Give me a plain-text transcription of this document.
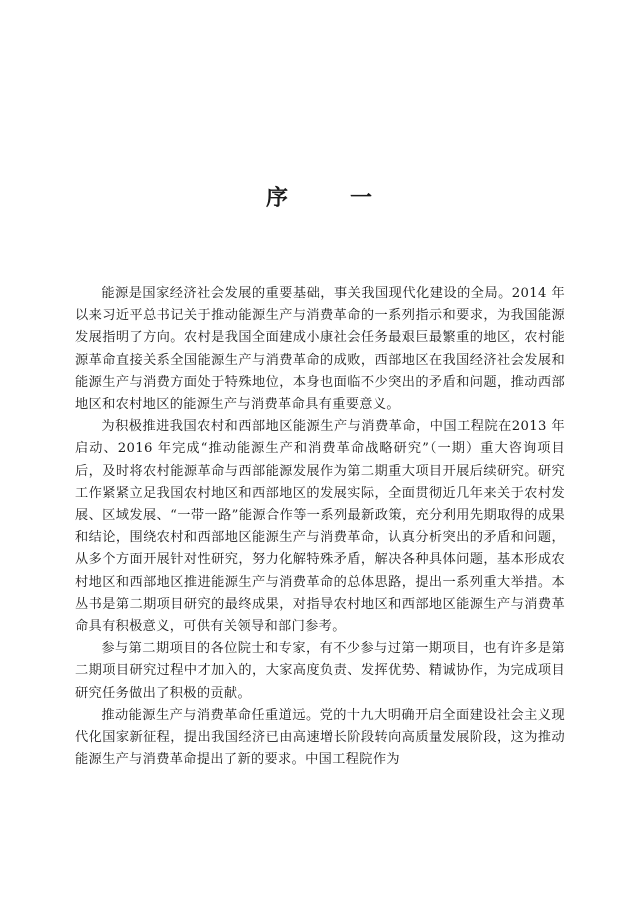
序	一

能源是国家经济社会发展的重要基础，事关我国现代化建设的全局。2014 年以来习近平总书记关于推动能源生产与消费革命的一系列指示和要求，为我国能源发展指明了方向。农村是我国全面建成小康社会任务最艰巨最繁重的地区，农村能源革命直接关系全国能源生产与消费革命的成败，西部地区在我国经济社会发展和能源生产与消费方面处于特殊地位，本身也面临不少突出的矛盾和问题，推动西部地区和农村地区的能源生产与消费革命具有重要意义。

为积极推进我国农村和西部地区能源生产与消费革命，中国工程院在2013 年启动、2016 年完成“推动能源生产和消费革命战略研究”（一期）重大咨询项目后，及时将农村能源革命与西部能源发展作为第二期重大项目开展后续研究。研究工作紧紧立足我国农村地区和西部地区的发展实际，全面贯彻近几年来关于农村发展、区域发展、“一带一路”能源合作等一系列最新政策，充分利用先期取得的成果和结论，围绕农村和西部地区能源生产与消费革命，认真分析突出的矛盾和问题，从多个方面开展针对性研究，努力化解特殊矛盾，解决各种具体问题，基本形成农村地区和西部地区推进能源生产与消费革命的总体思路，提出一系列重大举措。本丛书是第二期项目研究的最终成果，对指导农村地区和西部地区能源生产与消费革命具有积极意义，可供有关领导和部门参考。

参与第二期项目的各位院士和专家，有不少参与过第一期项目，也有许多是第二期项目研究过程中才加入的，大家高度负责、发挥优势、精诚协作，为完成项目研究任务做出了积极的贡献。

推动能源生产与消费革命任重道远。党的十九大明确开启全面建设社会主义现代化国家新征程，提出我国经济已由高速增长阶段转向高质量发展阶段，这为推动能源生产与消费革命提出了新的要求。中国工程院作为
